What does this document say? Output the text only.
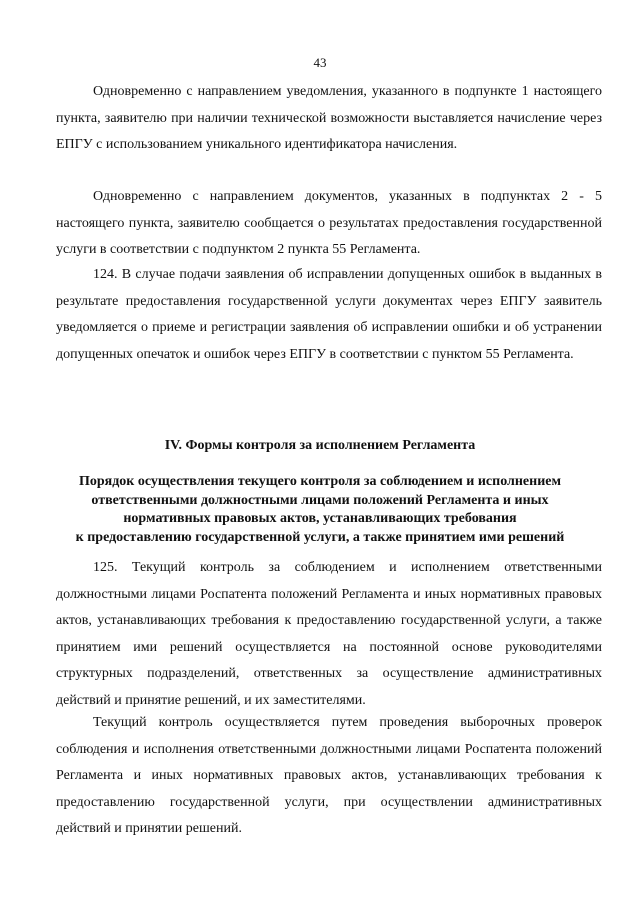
43

Одновременно с направлением уведомления, указанного в подпункте 1 настоящего пункта, заявителю при наличии технической возможности выставляется начисление через ЕПГУ с использованием уникального идентификатора начисления.

Одновременно с направлением документов, указанных в подпунктах 2 - 5 настоящего пункта, заявителю сообщается о результатах предоставления государственной услуги в соответствии с подпунктом 2 пункта 55 Регламента.

124. В случае подачи заявления об исправлении допущенных ошибок в выданных в результате предоставления государственной услуги документах через ЕПГУ заявитель уведомляется о приеме и регистрации заявления об исправлении ошибки и об устранении допущенных опечаток и ошибок через ЕПГУ в соответствии с пунктом 55 Регламента.

IV. Формы контроля за исполнением Регламента
Порядок осуществления текущего контроля за соблюдением и исполнением
ответственными должностными лицами положений Регламента и иных
нормативных правовых актов, устанавливающих требования
к предоставлению государственной услуги, а также принятием ими решений

125. Текущий контроль за соблюдением и исполнением ответственными должностными лицами Роспатента положений Регламента и иных нормативных правовых актов, устанавливающих требования к предоставлению государственной услуги, а также принятием ими решений осуществляется на постоянной основе руководителями структурных подразделений, ответственных за осуществление административных действий и принятие решений, и их заместителями.

Текущий контроль осуществляется путем проведения выборочных проверок соблюдения и исполнения ответственными должностными лицами Роспатента положений Регламента и иных нормативных правовых актов, устанавливающих требования к предоставлению государственной услуги, при осуществлении административных действий и принятии решений.
